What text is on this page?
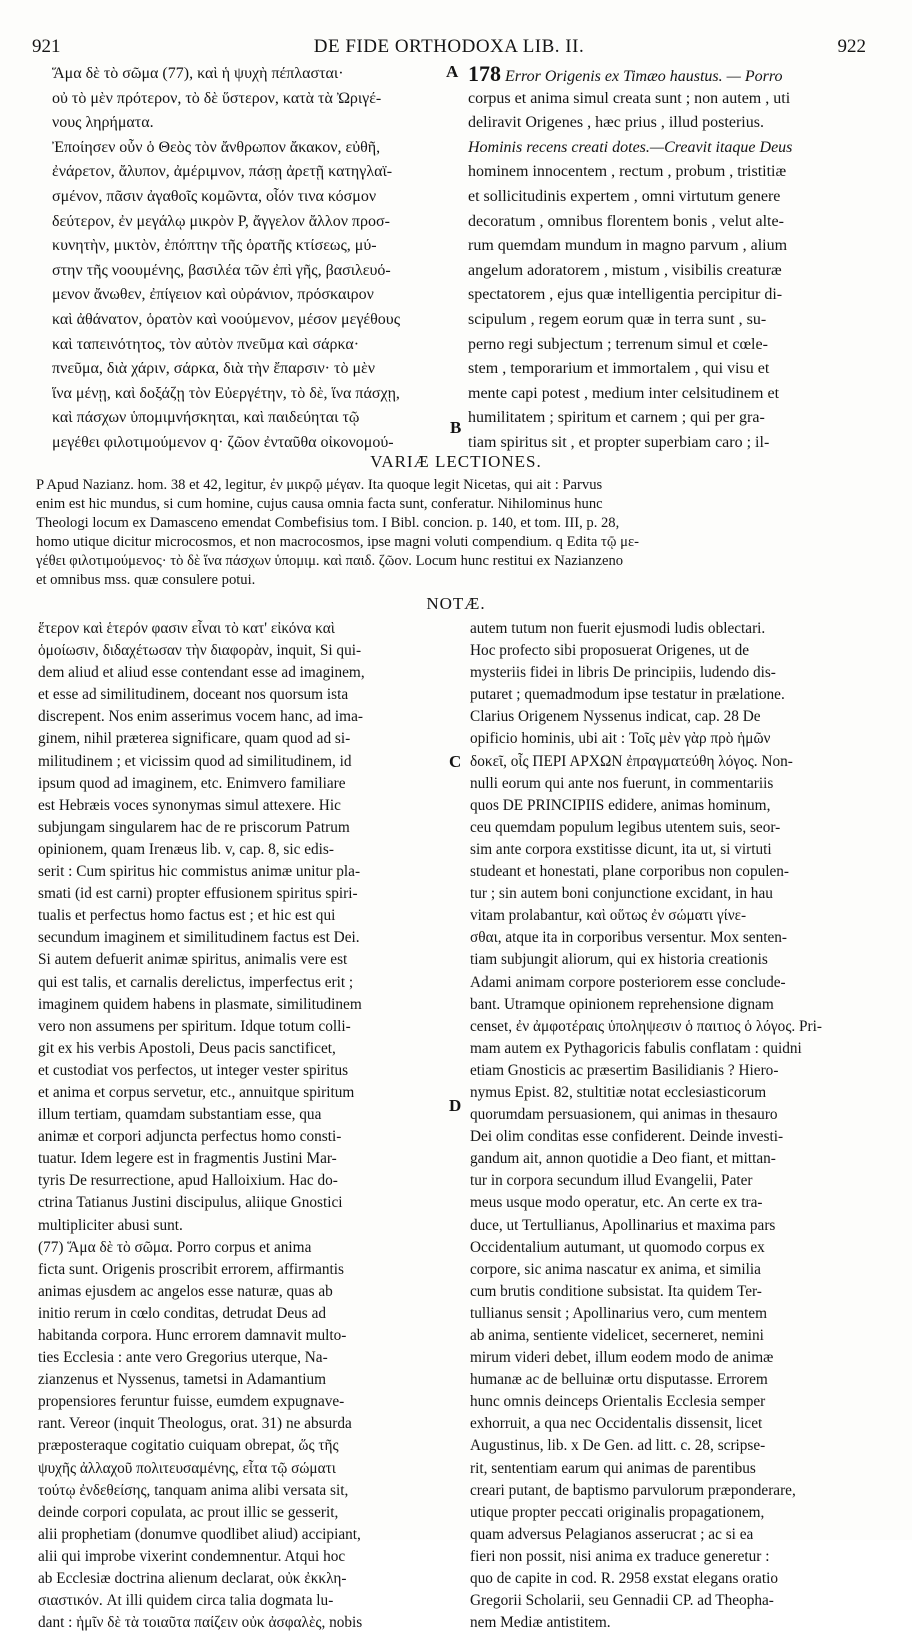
921	DE FIDE ORTHODOXA LIB. II.	922
Ἅμα δὲ τὸ σῶμα (77), καὶ ἡ ψυχὴ πέπλασται·
οὐ τὸ μὲν πρότερον, τὸ δὲ ὕστερον, κατὰ τὰ Ὠριγέ-
νους ληρήματα.
Ἐποίησεν οὖν ὁ Θεὸς τὸν ἄνθρωπον ἄκακον, εὐθῆ,
ἐνάρετον, ἄλυπον, ἀμέριμνον, πάσῃ ἀρετῇ κατηγλαϊ-
σμένον, πᾶσιν ἀγαθοῖς κομῶντα, οἷόν τινα κόσμον
δεύτερον, ἐν μεγάλῳ μικρὸν P, ἄγγελον ἄλλον προσ-
κυνητὴν, μικτὸν, ἐπόπτην τῆς ὁρατῆς κτίσεως, μύ-
στην τῆς νοουμένης, βασιλέα τῶν ἐπὶ γῆς, βασιλευό-
μενον ἄνωθεν, ἐπίγειον καὶ οὐράνιον, πρόσκαιρον
καὶ ἀθάνατον, ὁρατὸν καὶ νοούμενον, μέσον μεγέθους
καὶ ταπεινότητος, τὸν αὐτὸν πνεῦμα καὶ σάρκα·
πνεῦμα, διὰ χάριν, σάρκα, διὰ τὴν ἔπαρσιν· τὸ μὲν
ἵνα μένῃ, καὶ δοξάζῃ τὸν Εὐεργέτην, τὸ δὲ, ἵνα πάσχῃ,
καὶ πάσχων ὑπομιμνήσκηται, καὶ παιδεύηται τῷ
μεγέθει φιλοτιμούμενον q· ζῶον ἐνταῦθα οἰκονομού-
178 Error Origenis ex Timæo haustus. — Porro
corpus et anima simul creata sunt ; non autem , uti
deliravit Origenes , hæc prius , illud posterius.
Hominis recens creati dotes.—Creavit itaque Deus
hominem innocentem , rectum , probum , tristitiæ
et sollicitudinis expertem , omni virtutum genere
decoratum , omnibus florentem bonis , velut alte-
rum quemdam mundum in magno parvum , alium
angelum adoratorem , mistum , visibilis creaturæ
spectatorem , ejus quæ intelligentia percipitur di-
scipulum , regem eorum quæ in terra sunt , su-
perno regi subjectum ; terrenum simul et cœle-
stem , temporarium et immortalem , qui visu et
mente capi potest , medium inter celsitudinem et
humilitatem ; spiritum et carnem ; qui per gra-
tiam spiritus sit , et propter superbiam caro ; il-
A
B
VARIÆ LECTIONES.
P Apud Nazianz. hom. 38 et 42, legitur, ἐν μικρῷ μέγαν. Ita quoque legit Nicetas, qui ait : Parvus
enim est hic mundus, si cum homine, cujus causa omnia facta sunt, conferatur. Nihilominus hunc
Theologi locum ex Damasceno emendat Combefisius tom. I Bibl. concion. p. 140, et tom. III, p. 28,
homo utique dicitur microcosmos, et non macrocosmos, ipse magni voluti compendium. q Edita τῷ με-
γέθει φιλοτιμούμενος· τὸ δὲ ἵνα πάσχων ὑπομιμ. καὶ παιδ. ζῶον. Locum hunc restitui ex Nazianzeno
et omnibus mss. quæ consulere potui.
NOTÆ.
ἕτερον καὶ ἑτερόν φασιν εἶναι τὸ κατ' εἰκόνα καὶ
ὁμοίωσιν, διδαχέτωσαν τὴν διαφορὰν, inquit, Si qui-
dem aliud et aliud esse contendant esse ad imaginem,
et esse ad similitudinem, doceant nos quorsum ista
discrepent. Nos enim asserimus vocem hanc, ad ima-
ginem, nihil præterea significare, quam quod ad si-
militudinem ; et vicissim quod ad similitudinem, id
ipsum quod ad imaginem, etc. Enimvero familiare
est Hebræis voces synonymas simul attexere. Hic
subjungam singularem hac de re priscorum Patrum
opinionem, quam Irenæus lib. v, cap. 8, sic edis-
serit : Cum spiritus hic commistus animæ unitur pla-
smati (id est carni) propter effusionem spiritus spiri-
tualis et perfectus homo factus est ; et hic est qui
secundum imaginem et similitudinem factus est Dei.
Si autem defuerit animæ spiritus, animalis vere est
qui est talis, et carnalis derelictus, imperfectus erit ;
imaginem quidem habens in plasmate, similitudinem
vero non assumens per spiritum. Idque totum colli-
git ex his verbis Apostoli, Deus pacis sanctificet,
et custodiat vos perfectos, ut integer vester spiritus
et anima et corpus servetur, etc., annuitque spiritum
illum tertiam, quamdam substantiam esse, qua
animæ et corpori adjuncta perfectus homo consti-
tuatur. Idem legere est in fragmentis Justini Mar-
tyris De resurrectione, apud Halloixium. Hac do-
ctrina Tatianus Justini discipulus, aliique Gnostici
multipliciter abusi sunt.
(77) Ἅμα δὲ τὸ σῶμα. Porro corpus et anima
ficta sunt. Origenis proscribit errorem, affirmantis
animas ejusdem ac angelos esse naturæ, quas ab
initio rerum in cœlo conditas, detrudat Deus ad
habitanda corpora. Hunc errorem damnavit multo-
ties Ecclesia : ante vero Gregorius uterque, Na-
zianzenus et Nyssenus, tametsi in Adamantium
propensiores feruntur fuisse, eumdem expugnave-
rant. Vereor (inquit Theologus, orat. 31) ne absurda
præposteraque cogitatio cuiquam obrepat, ὥς τῆς
ψυχῆς ἀλλαχοῦ πολιτευσαμένης, εἶτα τῷ σώματι
τούτῳ ἐνδεθείσης, tanquam anima alibi versata sit,
deinde corpori copulata, ac prout illic se gesserit,
alii prophetiam (donumve quodlibet aliud) accipiant,
alii qui improbe vixerint condemnentur. Atqui hoc
ab Ecclesiæ doctrina alienum declarat, οὐκ ἐκκλη-
σιαστικόν. At illi quidem circa talia dogmata lu-
dant : ἡμῖν δὲ τὰ τοιαῦτα παίζειν οὐκ ἀσφαλὲς, nobis
autem tutum non fuerit ejusmodi ludis oblectari.
Hoc profecto sibi proposuerat Origenes, ut de
mysteriis fidei in libris De principiis, ludendo dis-
putaret ; quemadmodum ipse testatur in prælatione.
Clarius Origenem Nyssenus indicat, cap. 28 De
opificio hominis, ubi ait : Τοῖς μὲν γὰρ πρὸ ἡμῶν
δοκεῖ, οἷς ΠΕΡΙ ΑΡΧΩΝ ἐπραγματεύθη λόγος. Non-
nulli eorum qui ante nos fuerunt, in commentariis
quos DE PRINCIPIIS edidere, animas hominum,
ceu quemdam populum legibus utentem suis, seor-
sim ante corpora exstitisse dicunt, ita ut, si virtuti
studeant et honestati, plane corporibus non copulen-
tur ; sin autem boni conjunctione excidant, in hau
vitam prolabantur, καὶ οὕτως ἐν σώματι γίνε-
σθαι, atque ita in corporibus versentur. Mox senten-
tiam subjungit aliorum, qui ex historia creationis
Adami animam corpore posteriorem esse conclude-
bant. Utramque opinionem reprehensione dignam
censet, ἐν ἀμφοτέραις ὑποληψεσιν ὁ παιτιος ὁ λόγος. Pri-
mam autem ex Pythagoricis fabulis conflatam : quidni
etiam Gnosticis ac præsertim Basilidianis ? Hiero-
nymus Epist. 82, stultitiæ notat ecclesiasticorum
quorumdam persuasionem, qui animas in thesauro
Dei olim conditas esse confiderent. Deinde investi-
gandum ait, annon quotidie a Deo fiant, et mittan-
tur in corpora secundum illud Evangelii, Pater
meus usque modo operatur, etc. An certe ex tra-
duce, ut Tertullianus, Apollinarius et maxima pars
Occidentalium autumant, ut quomodo corpus ex
corpore, sic anima nascatur ex anima, et similia
cum brutis conditione subsistat. Ita quidem Ter-
tullianus sensit ; Apollinarius vero, cum mentem
ab anima, sentiente videlicet, secerneret, nemini
mirum videri debet, illum eodem modo de animæ
humanæ ac de belluinæ ortu disputasse. Errorem
hunc omnis deinceps Orientalis Ecclesia semper
exhorruit, a qua nec Occidentalis dissensit, licet
Augustinus, lib. x De Gen. ad litt. c. 28, scripse-
rit, sententiam earum qui animas de parentibus
creari putant, de baptismo parvulorum præponderare,
utique propter peccati originalis propagationem,
quam adversus Pelagianos asserucrat ; ac si ea
fieri non possit, nisi anima ex traduce generetur :
quo de capite in cod. R. 2958 exstat elegans oratio
Gregorii Scholarii, seu Gennadii CP. ad Theopha-
nem Mediæ antistitem.
C
D
